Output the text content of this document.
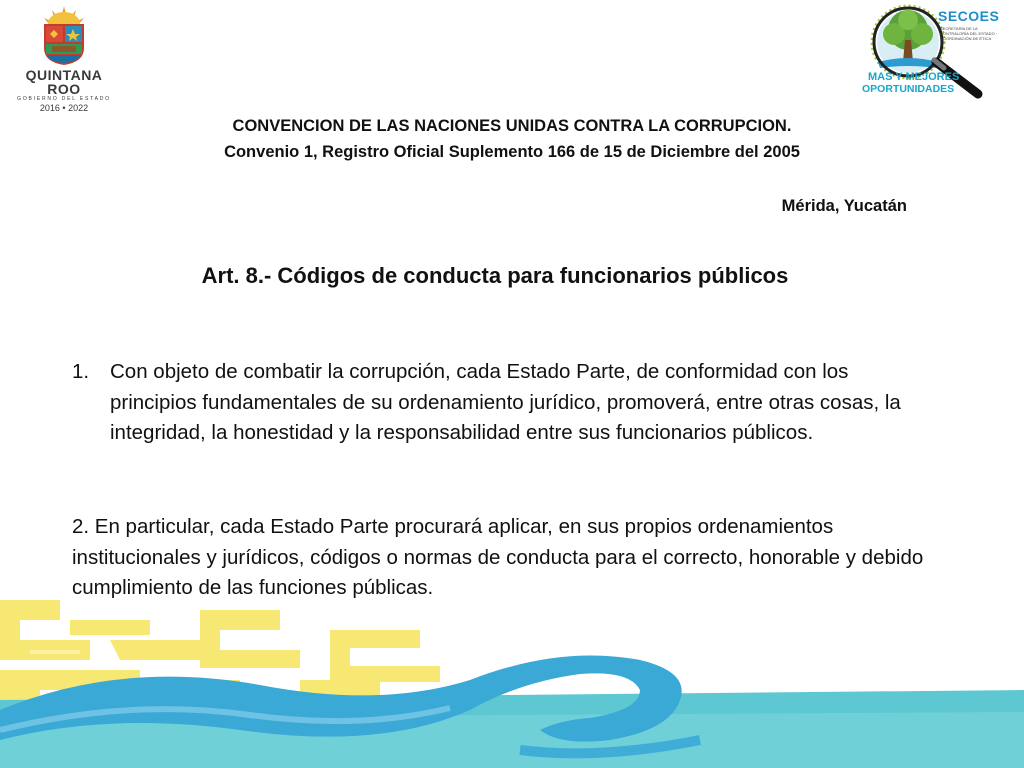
QUINTANA ROO
GOBIERNO DEL ESTADO
2016 • 2022
SECOES
SECRETARÍA DE LA CONTRALORÍA DEL ESTADO · COORDINACIÓN DE ÉTICA
MAS Y MEJORES
OPORTUNIDADES
CONVENCION DE LAS NACIONES UNIDAS CONTRA LA CORRUPCION.
Convenio 1, Registro Oficial Suplemento 166 de 15 de Diciembre del 2005
Mérida, Yucatán
Art. 8.- Códigos de conducta para funcionarios públicos
1. Con objeto de combatir la corrupción, cada Estado Parte, de conformidad con los principios fundamentales de su ordenamiento jurídico, promoverá, entre otras cosas, la integridad, la honestidad y la responsabilidad entre sus funcionarios públicos.
2. En particular, cada Estado Parte procurará aplicar, en sus propios ordenamientos institucionales y jurídicos, códigos o normas de conducta para el correcto, honorable y debido cumplimiento de las funciones públicas.
